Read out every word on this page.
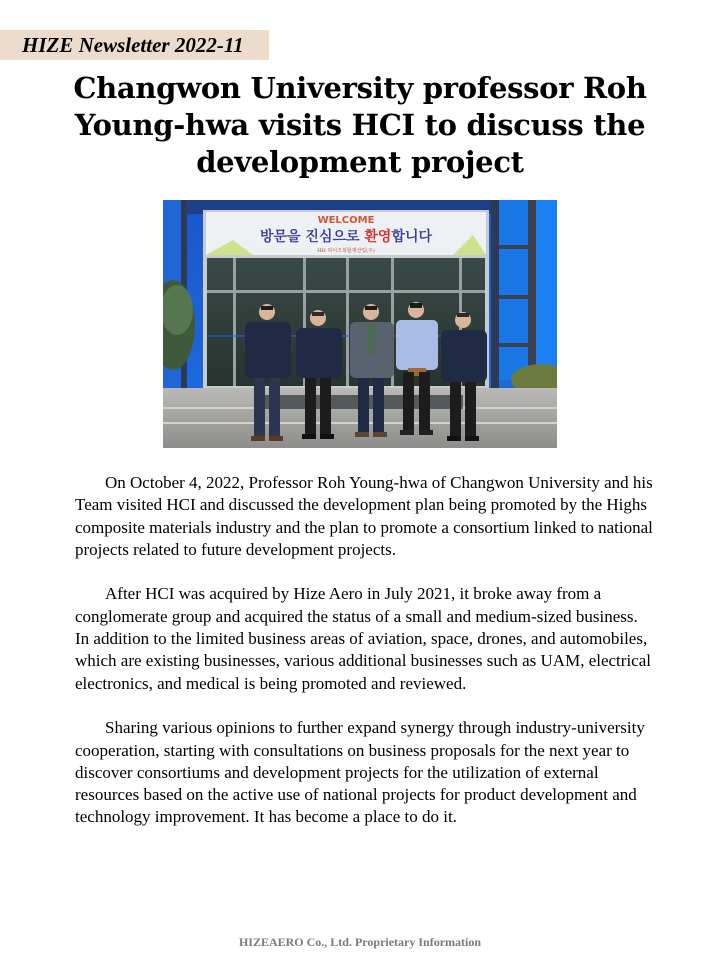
HIZE Newsletter 2022-11
Changwon University professor Roh Young-hwa visits HCI to discuss the development project
WELCOME
방문을 진심으로 환영합니다
HH 하이즈복합재산업(주)

On October 4, 2022, Professor Roh Young-hwa of Changwon University and his Team visited HCI and discussed the development plan being promoted by the Highs composite materials industry and the plan to promote a consortium linked to national projects related to future development projects.

After HCI was acquired by Hize Aero in July 2021, it broke away from a conglomerate group and acquired the status of a small and medium-sized business. In addition to the limited business areas of aviation, space, drones, and automobiles, which are existing businesses, various additional businesses such as UAM, electrical electronics, and medical is being promoted and reviewed.

Sharing various opinions to further expand synergy through industry-university cooperation, starting with consultations on business proposals for the next year to discover consortiums and development projects for the utilization of external resources based on the active use of national projects for product development and technology improvement. It has become a place to do it.

HIZEAERO Co., Ltd. Proprietary Information
